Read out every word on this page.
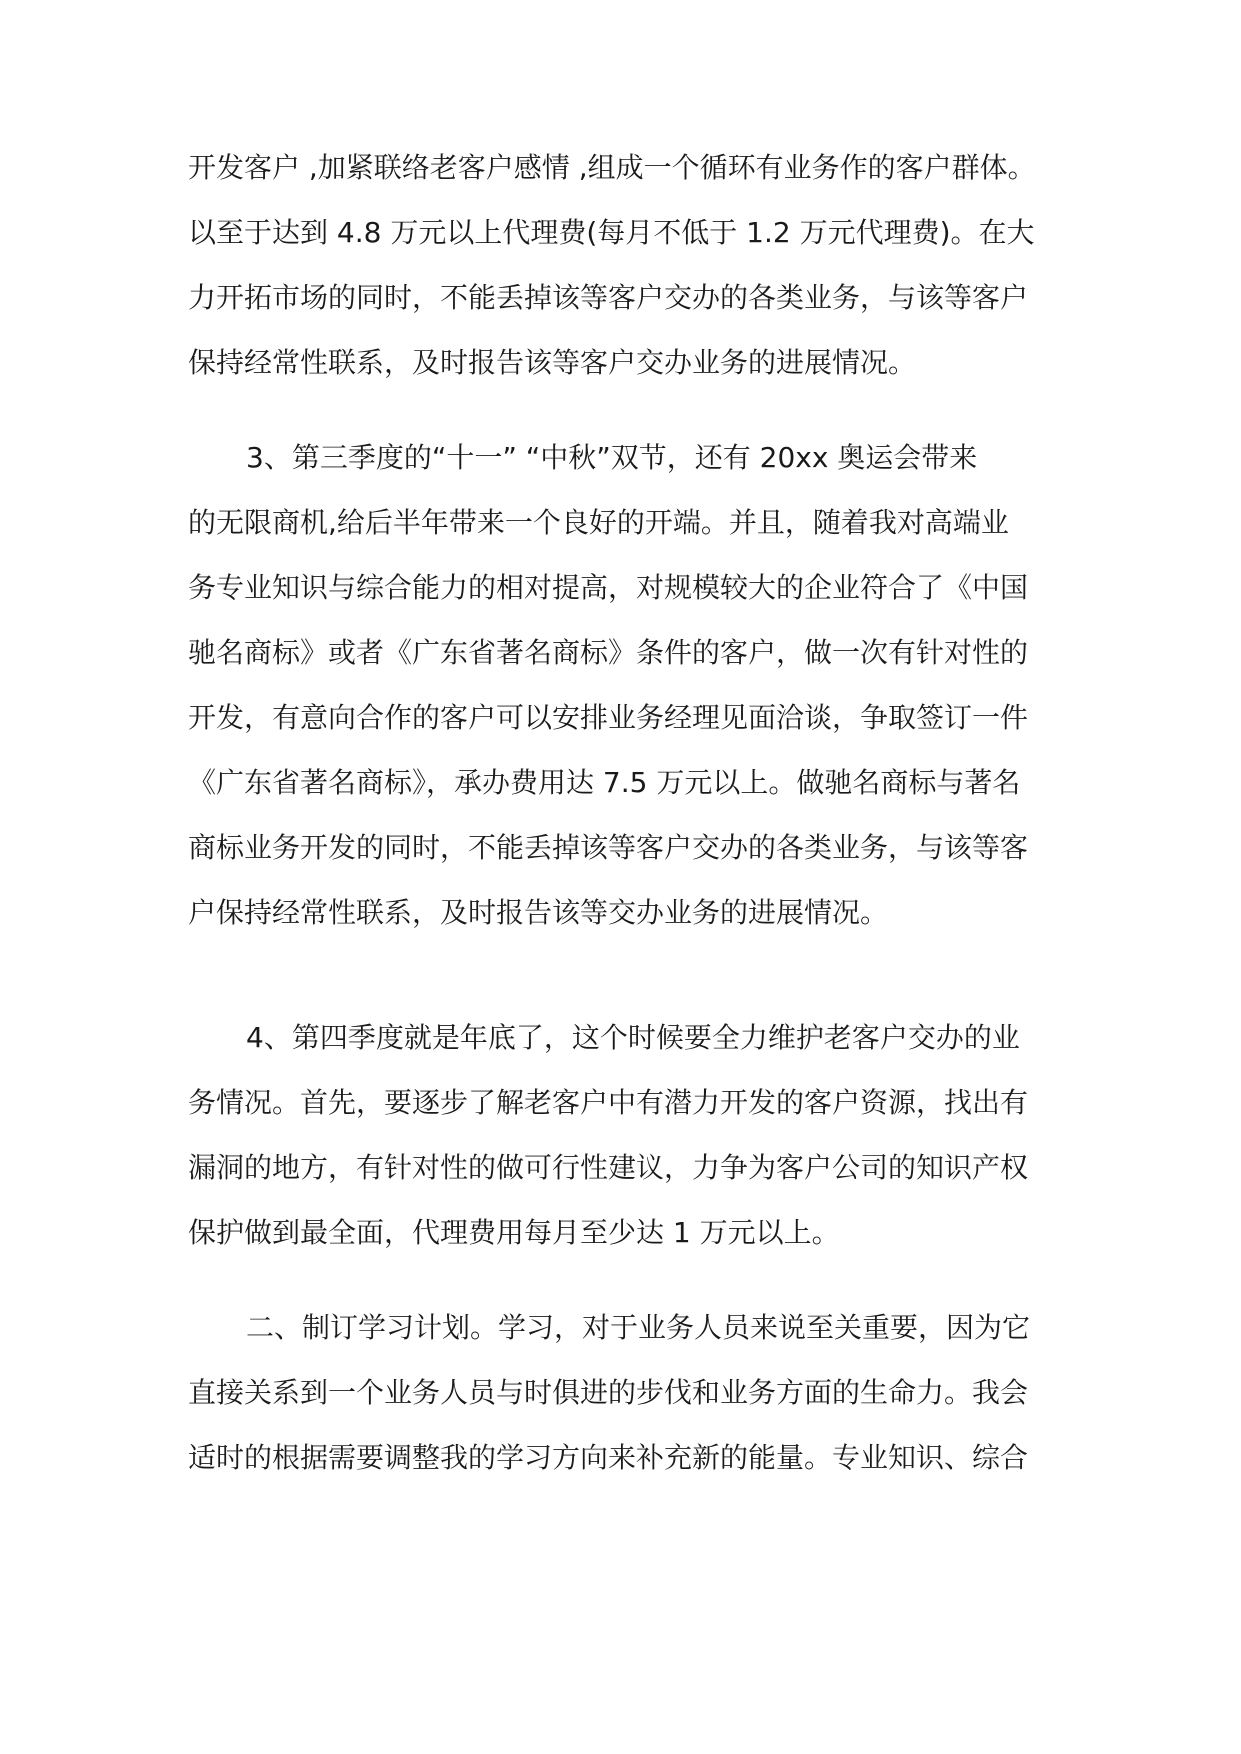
开发客户 ,加紧联络老客户感情 ,组成一个循环有业务作的客户群体。
以至于达到 4.8 万元以上代理费(每月不低于 1.2 万元代理费)。在大
力开拓市场的同时，不能丢掉该等客户交办的各类业务，与该等客户
保持经常性联系，及时报告该等客户交办业务的进展情况。
3、第三季度的“十一” “中秋”双节，还有 20xx 奥运会带来
的无限商机,给后半年带来一个良好的开端。并且，随着我对高端业
务专业知识与综合能力的相对提高，对规模较大的企业符合了《中国
驰名商标》或者《广东省著名商标》条件的客户，做一次有针对性的
开发，有意向合作的客户可以安排业务经理见面洽谈，争取签订一件
《广东省著名商标》，承办费用达 7.5 万元以上。做驰名商标与著名
商标业务开发的同时，不能丢掉该等客户交办的各类业务，与该等客
户保持经常性联系，及时报告该等交办业务的进展情况。
4、第四季度就是年底了，这个时候要全力维护老客户交办的业
务情况。首先，要逐步了解老客户中有潜力开发的客户资源，找出有
漏洞的地方，有针对性的做可行性建议，力争为客户公司的知识产权
保护做到最全面，代理费用每月至少达 1 万元以上。
二、制订学习计划。学习，对于业务人员来说至关重要，因为它
直接关系到一个业务人员与时俱进的步伐和业务方面的生命力。我会
适时的根据需要调整我的学习方向来补充新的能量。专业知识、综合
